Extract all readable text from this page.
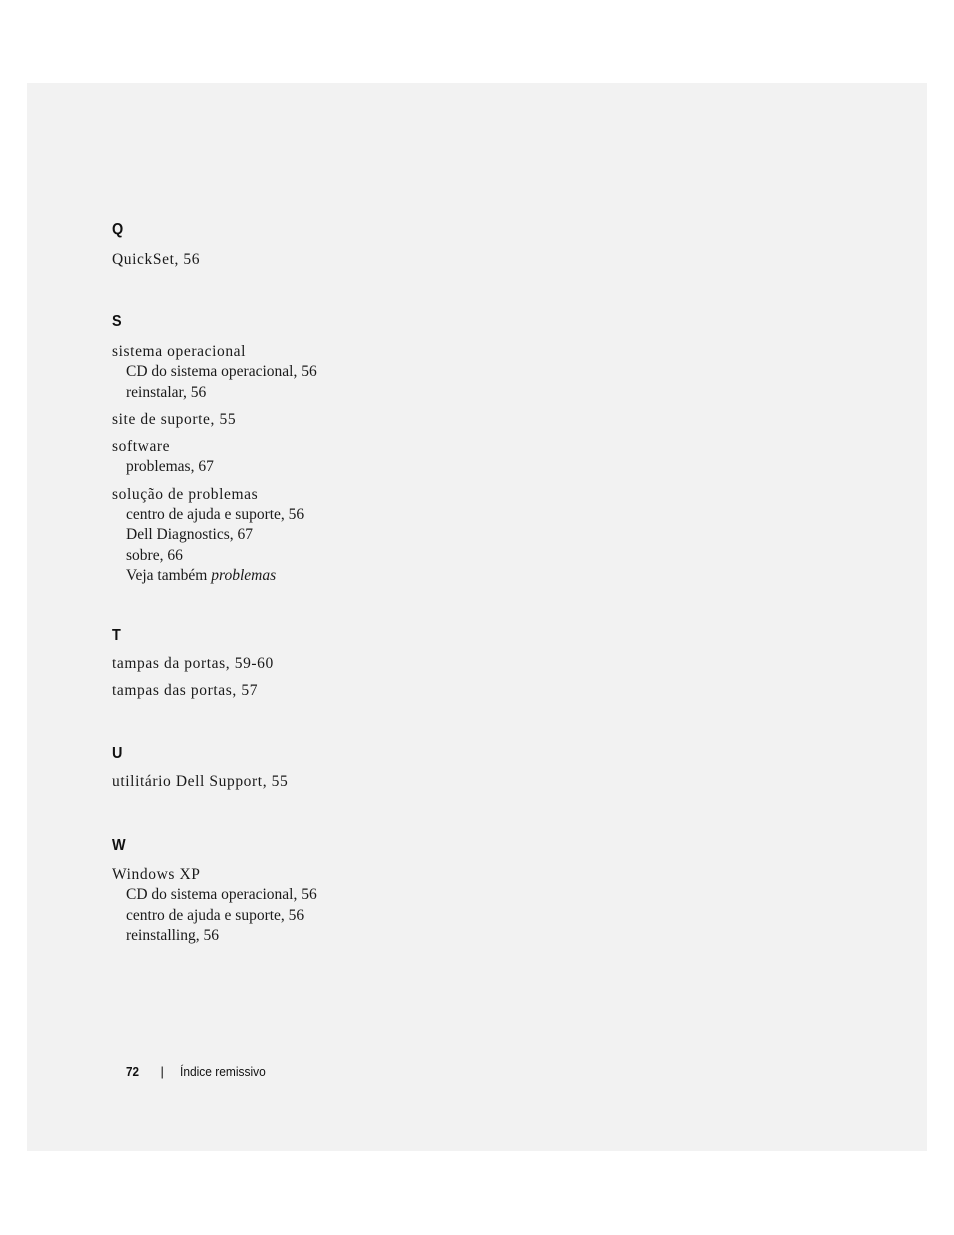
Q
QuickSet, 56
S
sistema operacional
CD do sistema operacional, 56
reinstalar, 56
site de suporte, 55
software
problemas, 67
solução de problemas
centro de ajuda e suporte, 56
Dell Diagnostics, 67
sobre, 66
Veja também problemas
T
tampas da portas, 59-60
tampas das portas, 57
U
utilitário Dell Support, 55
W
Windows XP
CD do sistema operacional, 56
centro de ajuda e suporte, 56
reinstalling, 56
72 | Índice remissivo
